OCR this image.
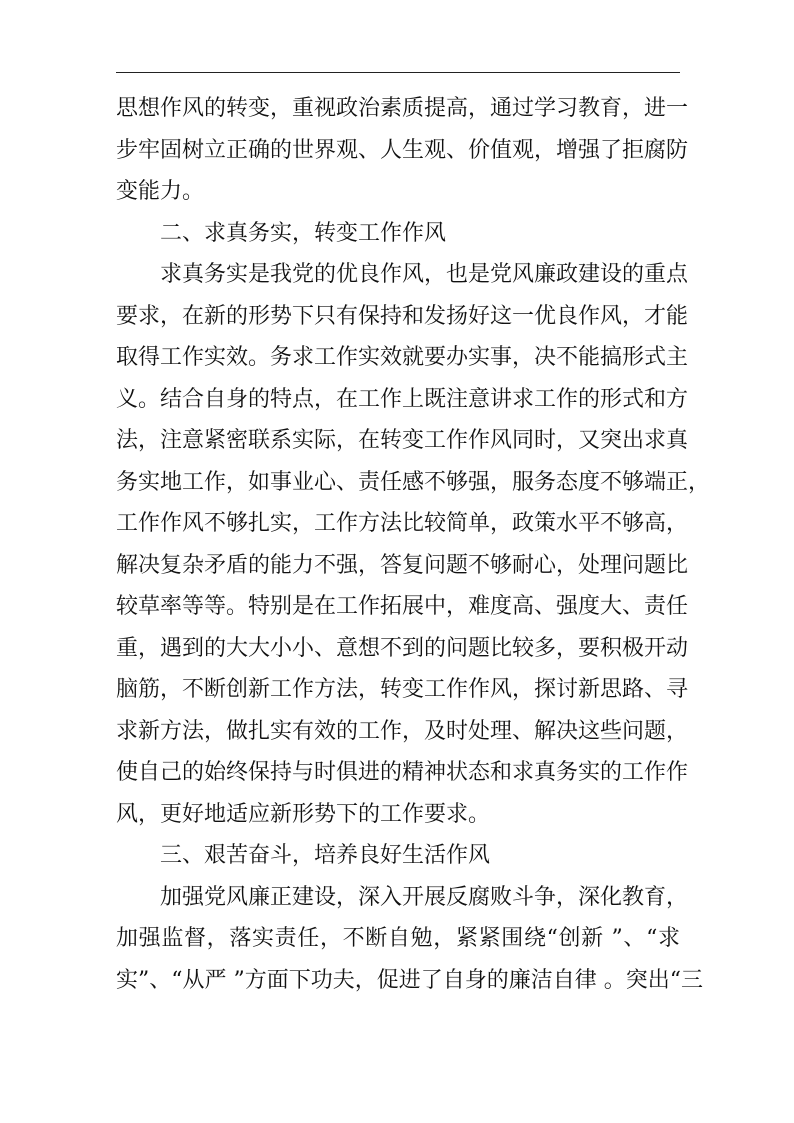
思想作风的转变，重视政治素质提高，通过学习教育，进一
步牢固树立正确的世界观、人生观、价值观，增强了拒腐防
变能力。
二、求真务实，转变工作作风
求真务实是我党的优良作风，也是党风廉政建设的重点
要求，在新的形势下只有保持和发扬好这一优良作风，才能
取得工作实效。务求工作实效就要办实事，决不能搞形式主
义。结合自身的特点，在工作上既注意讲求工作的形式和方
法，注意紧密联系实际，在转变工作作风同时，又突出求真
务实地工作，如事业心、责任感不够强，服务态度不够端正，
工作作风不够扎实，工作方法比较简单，政策水平不够高，
解决复杂矛盾的能力不强，答复问题不够耐心，处理问题比
较草率等等。特别是在工作拓展中，难度高、强度大、责任
重，遇到的大大小小、意想不到的问题比较多，要积极开动
脑筋，不断创新工作方法，转变工作作风，探讨新思路、寻
求新方法，做扎实有效的工作，及时处理、解决这些问题，
使自己的始终保持与时俱进的精神状态和求真务实的工作作
风，更好地适应新形势下的工作要求。
三、艰苦奋斗，培养良好生活作风
加强党风廉正建设，深入开展反腐败斗争，深化教育，
加强监督，落实责任，不断自勉，紧紧围绕“创新 ”、“求
实”、“从严 ”方面下功夫，促进了自身的廉洁自律 。突出“三
